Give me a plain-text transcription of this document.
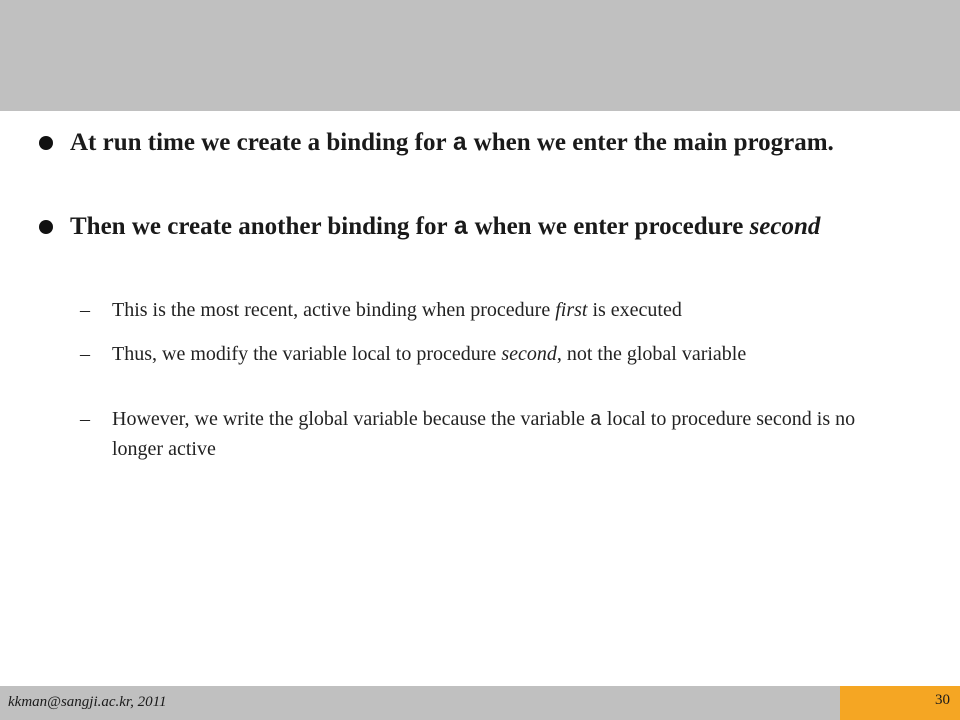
At run time we create a binding for a when we enter the main program.
Then we create another binding for a when we enter procedure second
– This is the most recent, active binding when procedure first is executed
– Thus, we modify the variable local to procedure second, not the global variable
– However, we write the global variable because the variable a local to procedure second is no longer active
kkman@sangji.ac.kr, 2011	30
